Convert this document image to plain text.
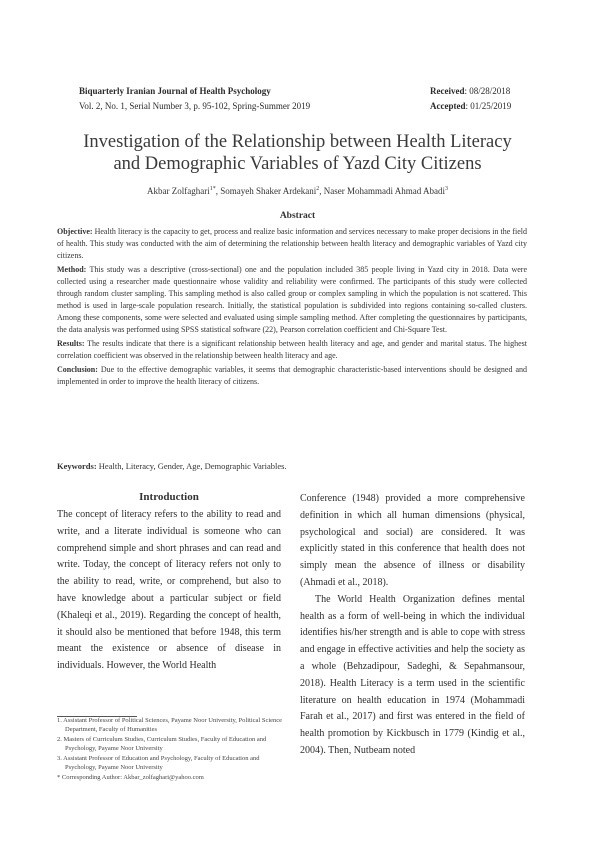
Biquarterly Iranian Journal of Health Psychology
Vol. 2, No. 1, Serial Number 3, p. 95-102, Spring-Summer 2019
Received: 08/28/2018
Accepted: 01/25/2019
Investigation of the Relationship between Health Literacy
and Demographic Variables of Yazd City Citizens
Akbar Zolfaghari$^{1*}$, Somayeh Shaker Ardekani$^2$, Naser Mohammadi Ahmad Abadi$^3$
Abstract

Objective: Health literacy is the capacity to get, process and realize basic information and services necessary to make proper decisions in the field of health. This study was conducted with the aim of determining the relationship between health literacy and demographic variables of Yazd city citizens.

Method: This study was a descriptive (cross-sectional) one and the population included 385 people living in Yazd city in 2018. Data were collected using a researcher made questionnaire whose validity and reliability were confirmed. The participants of this study were collected through random cluster sampling. This sampling method is also called group or complex sampling in which the population is not scattered. This method is used in large-scale population research. Initially, the statistical population is subdivided into regions containing so-called clusters. Among these components, some were selected and evaluated using simple sampling method. After completing the questionnaires by participants, the data analysis was performed using SPSS statistical software (22), Pearson correlation coefficient and Chi-Square Test.

Results: The results indicate that there is a significant relationship between health literacy and age, and gender and marital status. The highest correlation coefficient was observed in the relationship between health literacy and age.

Conclusion: Due to the effective demographic variables, it seems that demographic characteristic-based interventions should be designed and implemented in order to improve the health literacy of citizens.

Keywords: Health, Literacy, Gender, Age, Demographic Variables.
Introduction

The concept of literacy refers to the ability to read and write, and a literate individual is someone who can comprehend simple and short phrases and can read and write. Today, the concept of literacy refers not only to the ability to read, write, or comprehend, but also to have knowledge about a particular subject or field (Khaleqi et al., 2019). Regarding the concept of health, it should also be mentioned that before 1948, this term meant the existence or absence of disease in individuals. However, the World Health

Conference (1948) provided a more comprehensive definition in which all human dimensions (physical, psychological and social) are considered. It was explicitly stated in this conference that health does not simply mean the absence of illness or disability (Ahmadi et al., 2018).

The World Health Organization defines mental health as a form of well-being in which the individual identifies his/her strength and is able to cope with stress and engage in effective activities and help the society as a whole (Behzadipour, Sadeghi, & Sepahmansour, 2018). Health Literacy is a term used in the scientific literature on health education in 1974 (Mohammadi Farah et al., 2017) and first was entered in the field of health promotion by Kickbusch in 1779 (Kindig et al., 2004). Then, Nutbeam noted

1. Assistant Professor of Political Sciences, Payame Noor University, Political Science Department, Faculty of Humanities
2. Masters of Curriculum Studies, Curriculum Studies, Faculty of Education and Psychology, Payame Noor University
3. Assistant Professor of Education and Psychology, Faculty of Education and Psychology, Payame Noor University
* Corresponding Author: Akbar_zolfaghari@yahoo.com
